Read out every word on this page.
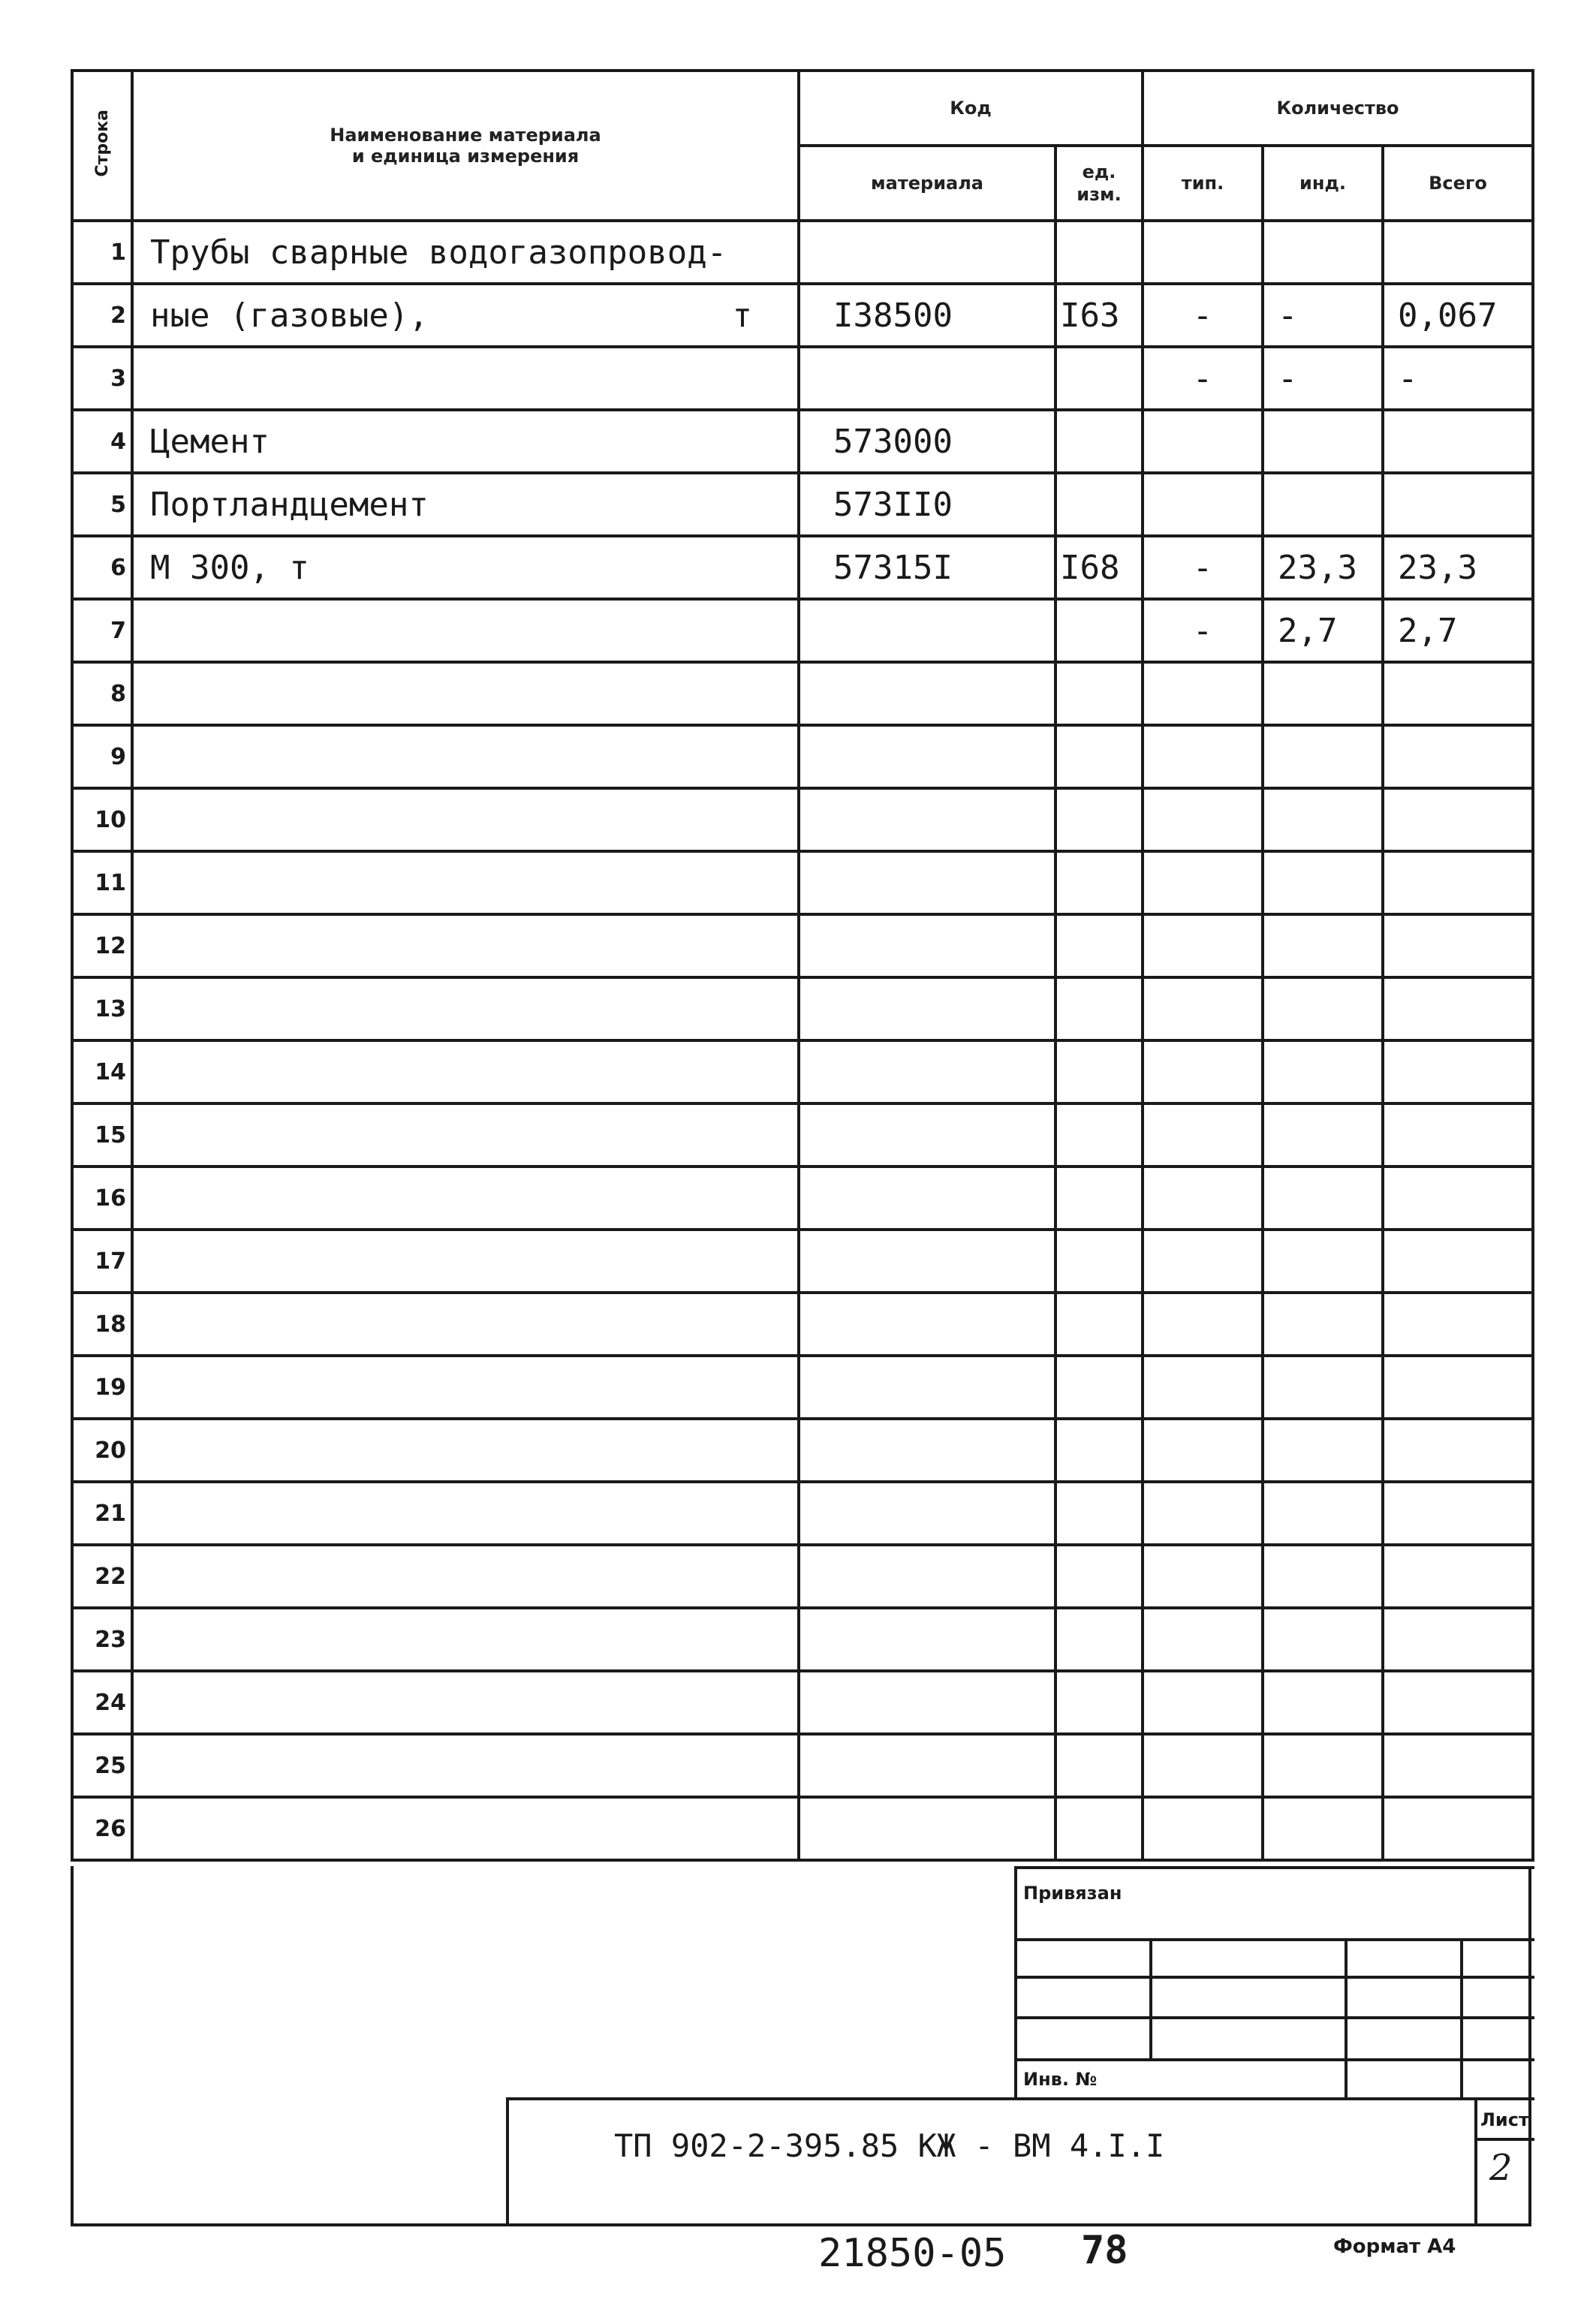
Строка	Наименование материала
и единица измерения	Код		Количество		
		материала	ед. изм.	тип.	инд.	Всего
1	Трубы сварные водогазопровод-

2	ные (газовые), т	I38500	I63	-	-	0,067
3				-	-	-
4	Цемент	573000				
5	Портландцемент	573II0				
6	М 300, т	57315I	I68	-	23,3	23,3
7				-	2,7	2,7
8	

9	

10	

11	

12	

13	

14	

15	

16	

17	

18	

19	

20	

21	

22	

23	

24	

25	

26	

Привязан
Инв. №
ТП 902-2-395.85 КЖ - ВМ 4.I.I
Лист
2
21850-05 78	Формат А4
